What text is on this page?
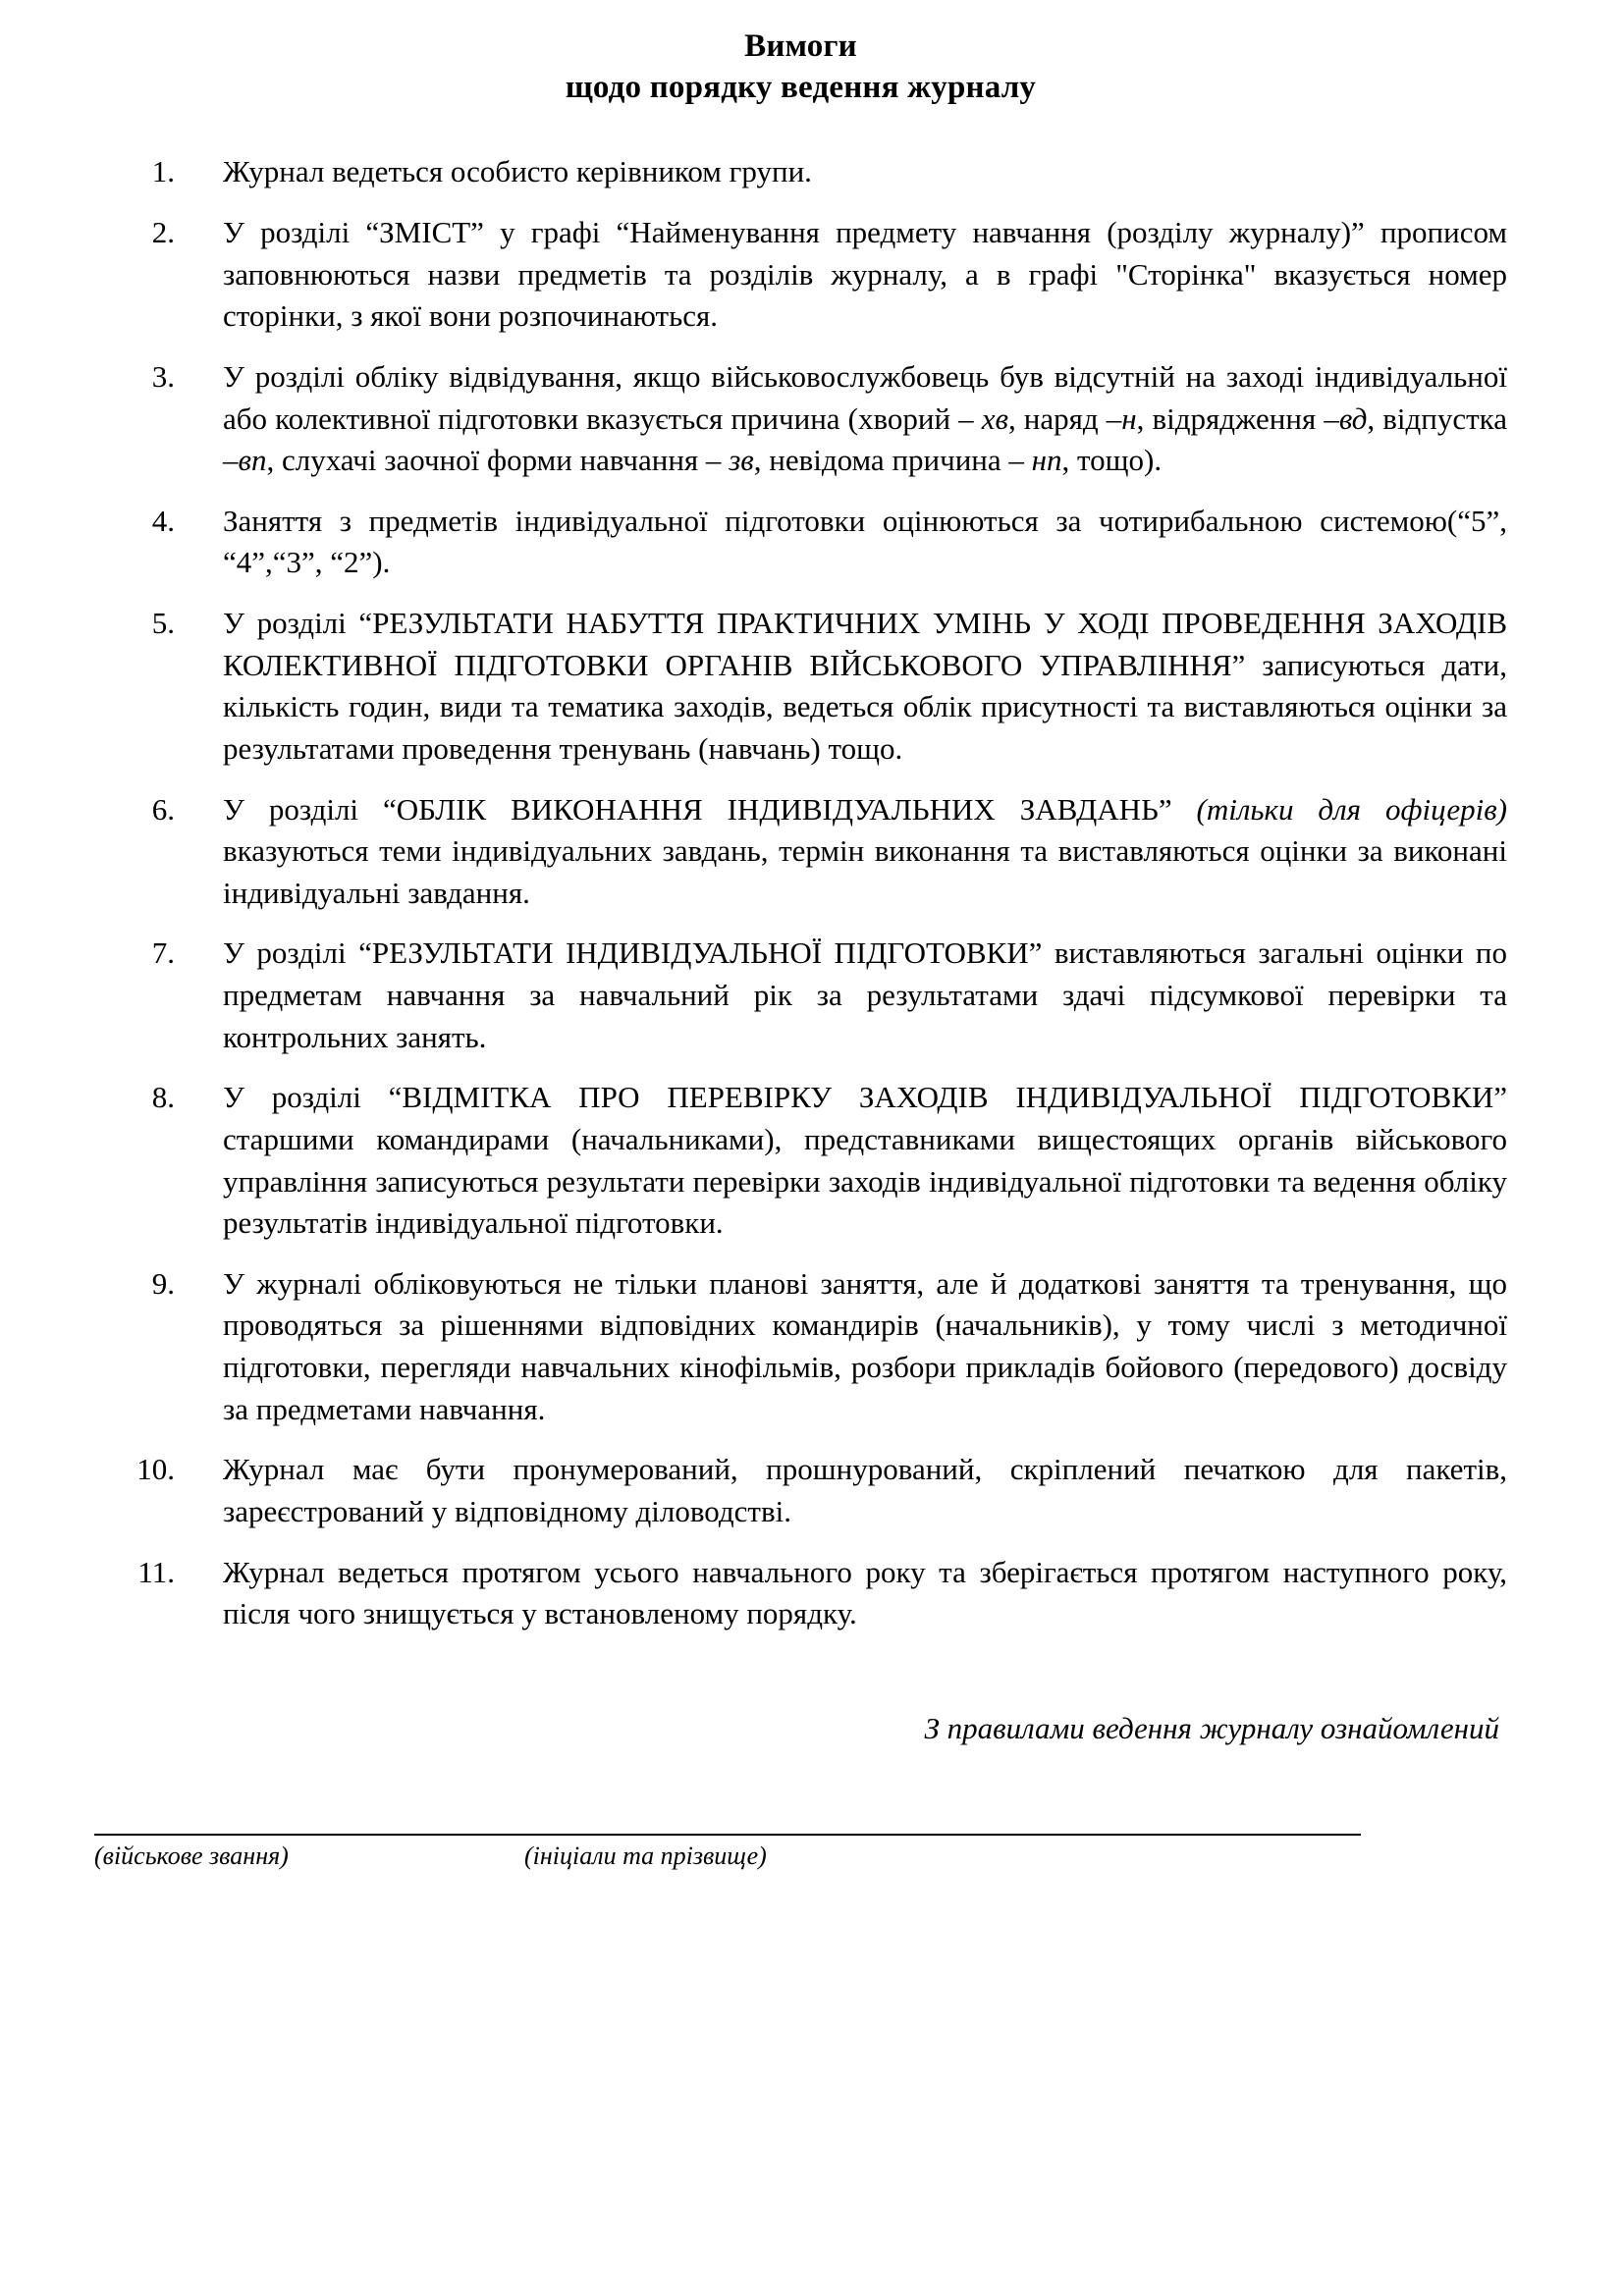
Вимоги
щодо порядку ведення журналу
1.	Журнал ведеться особисто керівником групи.
2.	У розділі “ЗМІСТ” у графі “Найменування предмету навчання (розділу журналу)” прописом заповнюються назви предметів та розділів журналу, а в графі "Сторінка" вказується номер сторінки, з якої вони розпочинаються.
3.	У розділі обліку відвідування, якщо військовослужбовець був відсутній на заході індивідуальної або колективної підготовки вказується причина (хворий – хв, наряд –н, відрядження –вд, відпустка –вп, слухачі заочної форми навчання – зв, невідома причина – нп, тощо).
4.	Заняття з предметів індивідуальної підготовки оцінюються за чотирибальною системою(“5”, “4”,“3”, “2”).
5.	У розділі “РЕЗУЛЬТАТИ НАБУТТЯ ПРАКТИЧНИХ УМІНЬ У ХОДІ ПРОВЕДЕННЯ ЗАХОДІВ КОЛЕКТИВНОЇ ПІДГОТОВКИ ОРГАНІВ ВІЙСЬКОВОГО УПРАВЛІННЯ” записуються дати, кількість годин, види та тематика заходів, ведеться облік присутності та виставляються оцінки за результатами проведення тренувань (навчань) тощо.
6.	У розділі “ОБЛІК ВИКОНАННЯ ІНДИВІДУАЛЬНИХ ЗАВДАНЬ” (тільки для офіцерів) вказуються теми індивідуальних завдань, термін виконання та виставляються оцінки за виконані індивідуальні завдання.
7.	У розділі “РЕЗУЛЬТАТИ ІНДИВІДУАЛЬНОЇ ПІДГОТОВКИ” виставляються загальні оцінки по предметам навчання за навчальний рік за результатами здачі підсумкової перевірки та контрольних занять.
8.	У розділі “ВІДМІТКА ПРО ПЕРЕВІРКУ ЗАХОДІВ ІНДИВІДУАЛЬНОЇ ПІДГОТОВКИ” старшими командирами (начальниками), представниками вищестоящих органів військового управління записуються результати перевірки заходів індивідуальної підготовки та ведення обліку результатів індивідуальної підготовки.
9.	У журналі обліковуються не тільки планові заняття, але й додаткові заняття та тренування, що проводяться за рішеннями відповідних командирів (начальників), у тому числі з методичної підготовки, перегляди навчальних кінофільмів, розбори прикладів бойового (передового) досвіду за предметами навчання.
10.	Журнал має бути пронумерований, прошнурований, скріплений печаткою для пакетів, зареєстрований у відповідному діловодстві.
11.	Журнал ведеться протягом усього навчального року та зберігається протягом наступного року, після чого знищується у встановленому порядку.
З правилами ведення журналу ознайомлений
(військове звання)	(ініціали та прізвище)
